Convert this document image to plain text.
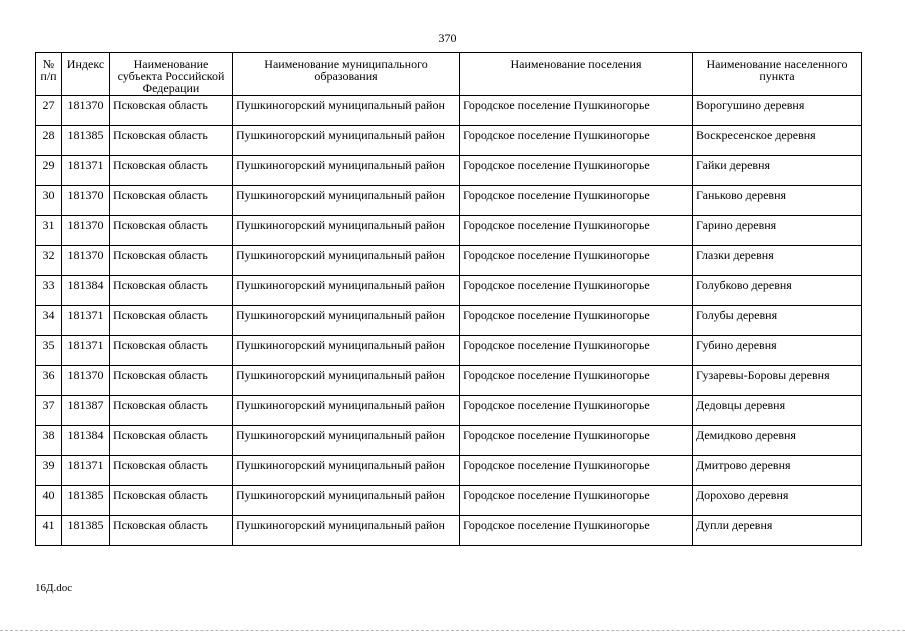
370
№ п/п	Индекс	Наименование субъекта Российской Федерации	Наименование муниципального образования	Наименование поселения	Наименование населенного пункта
27	181370	Псковская область	Пушкиногорский муниципальный район	Городское поселение Пушкиногорье	Ворогушино деревня
28	181385	Псковская область	Пушкиногорский муниципальный район	Городское поселение Пушкиногорье	Воскресенское деревня
29	181371	Псковская область	Пушкиногорский муниципальный район	Городское поселение Пушкиногорье	Гайки деревня
30	181370	Псковская область	Пушкиногорский муниципальный район	Городское поселение Пушкиногорье	Ганьково деревня
31	181370	Псковская область	Пушкиногорский муниципальный район	Городское поселение Пушкиногорье	Гарино деревня
32	181370	Псковская область	Пушкиногорский муниципальный район	Городское поселение Пушкиногорье	Глазки деревня
33	181384	Псковская область	Пушкиногорский муниципальный район	Городское поселение Пушкиногорье	Голубково деревня
34	181371	Псковская область	Пушкиногорский муниципальный район	Городское поселение Пушкиногорье	Голубы деревня
35	181371	Псковская область	Пушкиногорский муниципальный район	Городское поселение Пушкиногорье	Губино деревня
36	181370	Псковская область	Пушкиногорский муниципальный район	Городское поселение Пушкиногорье	Гузаревы-Боровы деревня
37	181387	Псковская область	Пушкиногорский муниципальный район	Городское поселение Пушкиногорье	Дедовцы деревня
38	181384	Псковская область	Пушкиногорский муниципальный район	Городское поселение Пушкиногорье	Демидково деревня
39	181371	Псковская область	Пушкиногорский муниципальный район	Городское поселение Пушкиногорье	Дмитрово деревня
40	181385	Псковская область	Пушкиногорский муниципальный район	Городское поселение Пушкиногорье	Дорохово деревня
41	181385	Псковская область	Пушкиногорский муниципальный район	Городское поселение Пушкиногорье	Дупли деревня
16Д.doc
